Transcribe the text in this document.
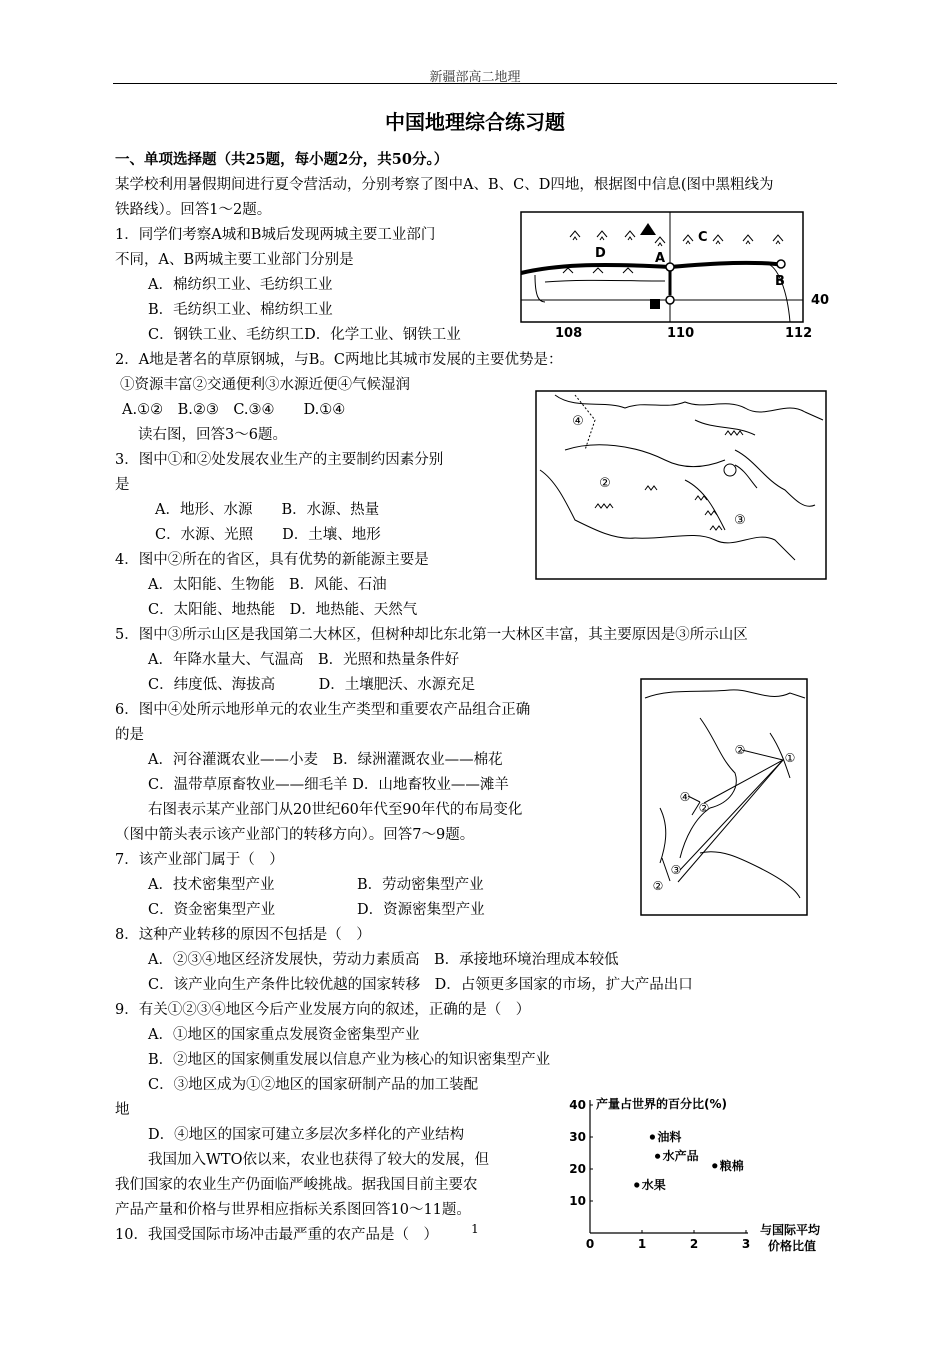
新疆部高二地理
中国地理综合练习题
一、单项选择题（共25题，每小题2分，共50分。）
某学校利用暑假期间进行夏令营活动，分别考察了图中A、B、C、D四地，根据图中信息(图中黑粗线为
铁路线）。回答1～2题。
1．同学们考察A城和B城后发现两城主要工业部门
不同，A、B两城主要工业部门分别是
A．棉纺织工业、毛纺织工业
B．毛纺织工业、棉纺织工业
C．钢铁工业、毛纺织工D．化学工业、钢铁工业
2．A地是著名的草原钢城，与B。C两地比其城市发展的主要优势是：
①资源丰富②交通便利③水源近便④气候湿润
A.①②　B.②③　C.③④　　D.①④
读右图，回答3～6题。
3．图中①和②处发展农业生产的主要制约因素分别
是
A．地形、水源　　B．水源、热量
C．水源、光照　　D．土壤、地形
4．图中②所在的省区，具有优势的新能源主要是
A．太阳能、生物能　B．风能、石油
C．太阳能、地热能　D．地热能、天然气
5．图中③所示山区是我国第二大林区，但树种却比东北第一大林区丰富，其主要原因是③所示山区
A．年降水量大、气温高　B．光照和热量条件好
C．纬度低、海拔高　　　D．土壤肥沃、水源充足
6．图中④处所示地形单元的农业生产类型和重要农产品组合正确
的是
A．河谷灌溉农业——小麦　B．绿洲灌溉农业——棉花
C．温带草原畜牧业——细毛羊 D．山地畜牧业——滩羊
右图表示某产业部门从20世纪60年代至90年代的布局变化
（图中箭头表示该产业部门的转移方向）。回答7～9题。
7．该产业部门属于（　）
A．技术密集型产业	B．劳动密集型产业
C．资金密集型产业	D．资源密集型产业
8．这种产业转移的原因不包括是（　）
A．②③④地区经济发展快，劳动力素质高　B．承接地环境治理成本较低
C．该产业向生产条件比较优越的国家转移　D．占领更多国家的市场，扩大产品出口
9．有关①②③④地区今后产业发展方向的叙述，正确的是（　）
A．①地区的国家重点发展资金密集型产业
B．②地区的国家侧重发展以信息产业为核心的知识密集型产业
C．③地区成为①②地区的国家研制产品的加工装配
地
D．④地区的国家可建立多层次多样化的产业结构
我国加入WTO依以来，农业也获得了较大的发展，但
我们国家的农业生产仍面临严峻挑战。据我国目前主要农
产品产量和价格与世界相应指标关系图回答10～11题。
10．我国受国际市场冲击最严重的农产品是（　）
D	A
C
B
108	110	112
40
④
②
③
①
②
④
②
③
②
产量占世界的百分比(%)
与国际平均
价格比值
0	1	2	3
10
20
30
40
油料
水产品
粮棉
水果
1
